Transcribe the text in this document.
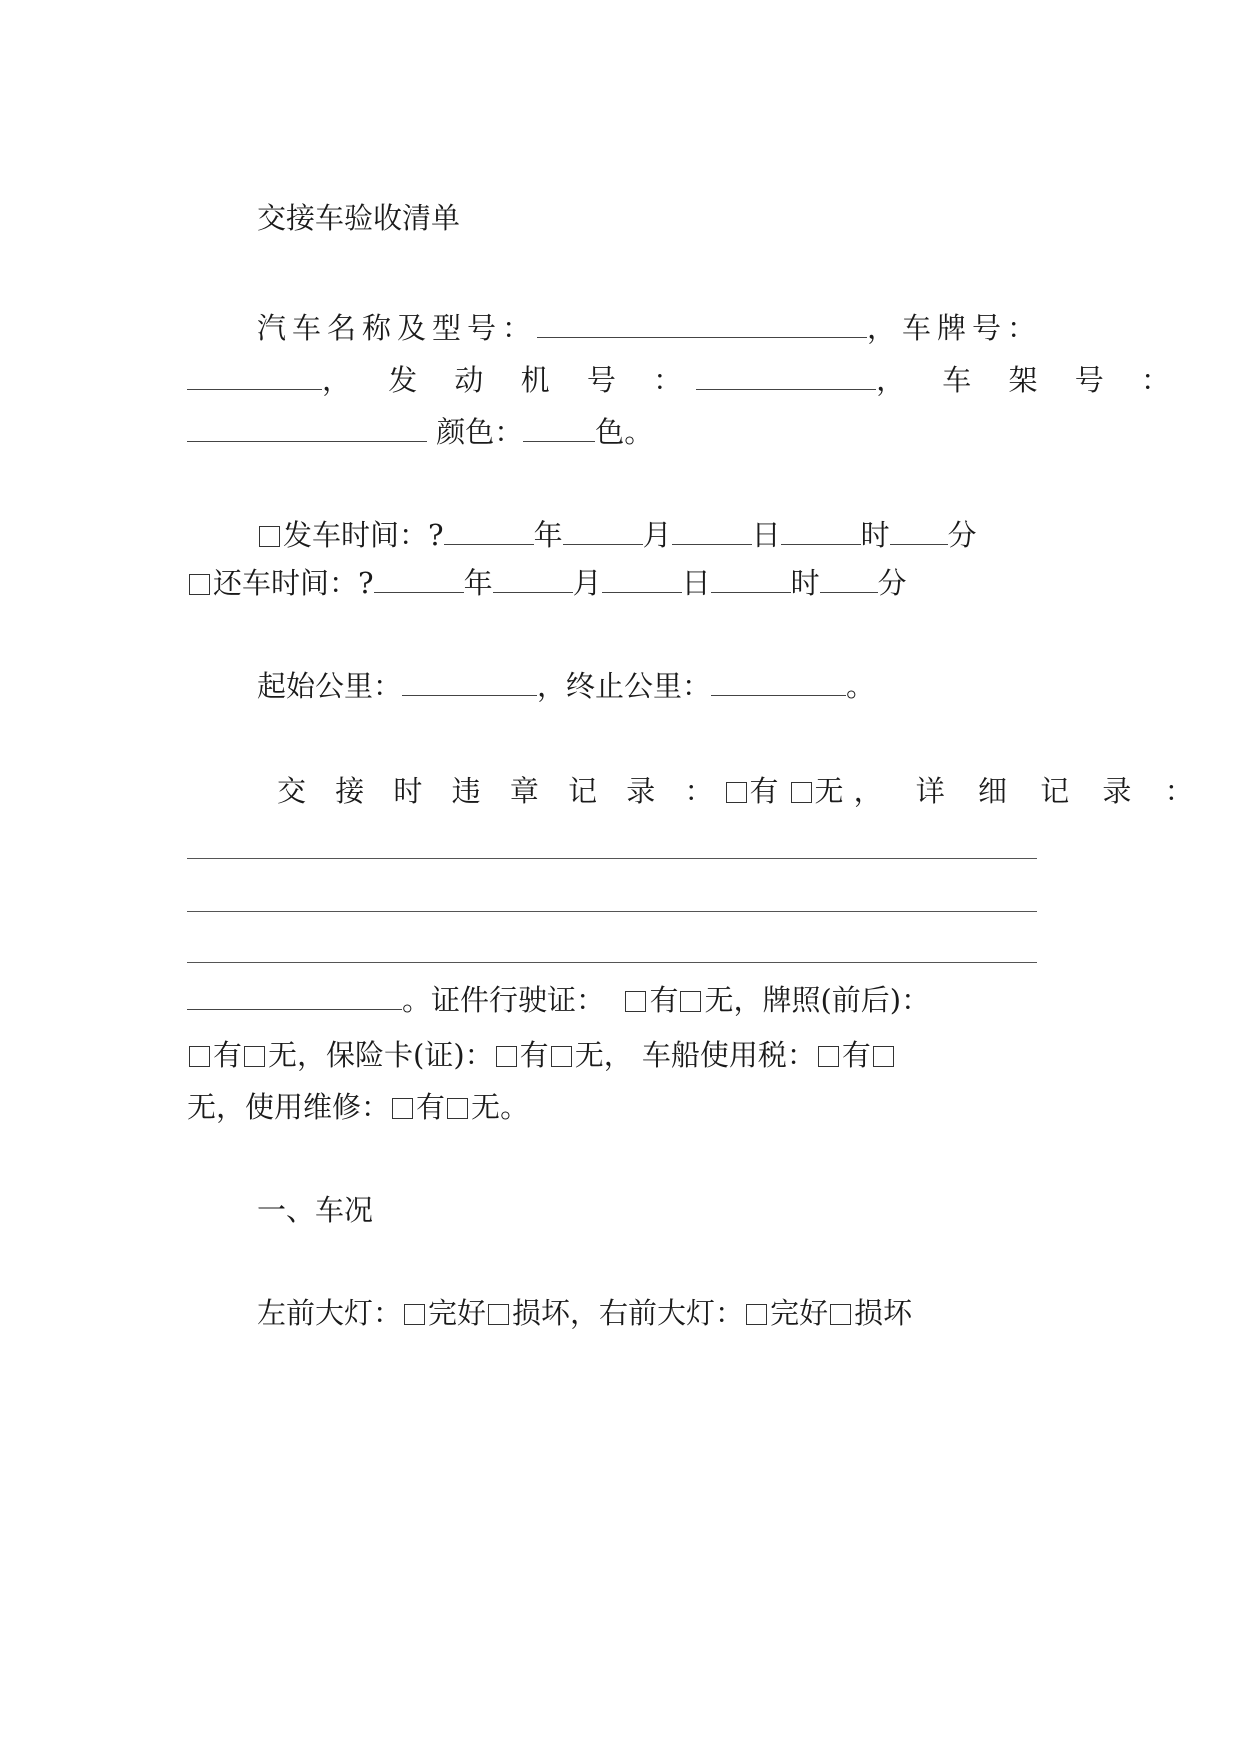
交接车验收清单
汽车名称及型号：	，车牌号：
， 发 动 机 号 ：	， 车 架 号 ：
颜色： 色。
发车时间：?	年	月	日	时 分
还车时间：?	年	月	日	时 分
起始公里：	，终止公里：	。
交 接 时 违 章 记 录 ： 有 无， 详 细 记 录 ：
。证件行驶证： 有 无，牌照(前后)：
有 无，保险卡(证)： 有 无， 车船使用税： 有
无，使用维修： 有 无。
一、车况
左前大灯： 完好 损坏，右前大灯： 完好 损坏
